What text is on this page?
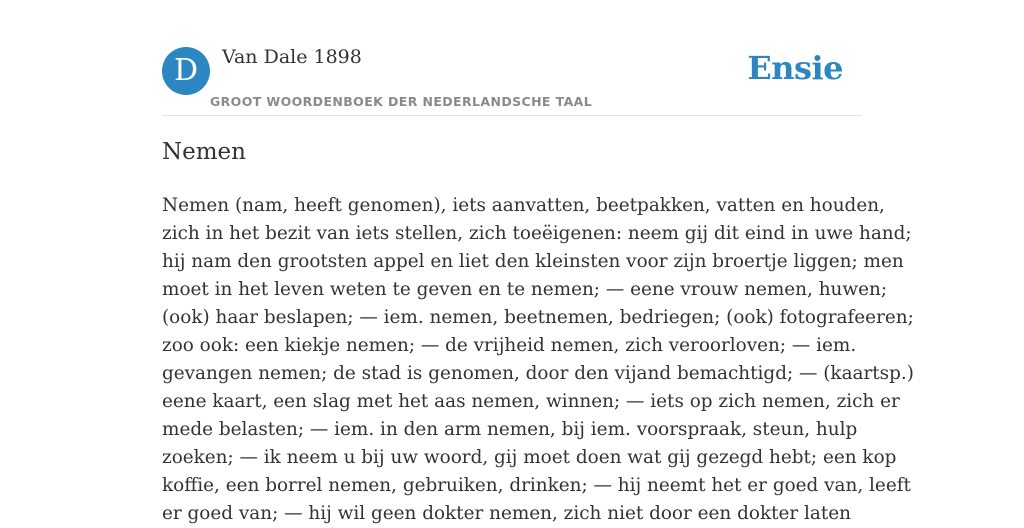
D	Van Dale 1898
GROOT WOORDENBOEK DER NEDERLANDSCHE TAAL
Ensie
Nemen

Nemen (nam, heeft genomen), iets aanvatten, beetpakken, vatten en houden,
zich in het bezit van iets stellen, zich toeëigenen: neem gij dit eind in uwe hand;
hij nam den grootsten appel en liet den kleinsten voor zijn broertje liggen; men
moet in het leven weten te geven en te nemen; — eene vrouw nemen, huwen;
(ook) haar beslapen; — iem. nemen, beetnemen, bedriegen; (ook) fotografeeren;
zoo ook: een kiekje nemen; — de vrijheid nemen, zich veroorloven; — iem.
gevangen nemen; de stad is genomen, door den vijand bemachtigd; — (kaartsp.)
eene kaart, een slag met het aas nemen, winnen; — iets op zich nemen, zich er
mede belasten; — iem. in den arm nemen, bij iem. voorspraak, steun, hulp
zoeken; — ik neem u bij uw woord, gij moet doen wat gij gezegd hebt; een kop
koffie, een borrel nemen, gebruiken, drinken; — hij neemt het er goed van, leeft
er goed van; — hij wil geen dokter nemen, zich niet door een dokter laten
